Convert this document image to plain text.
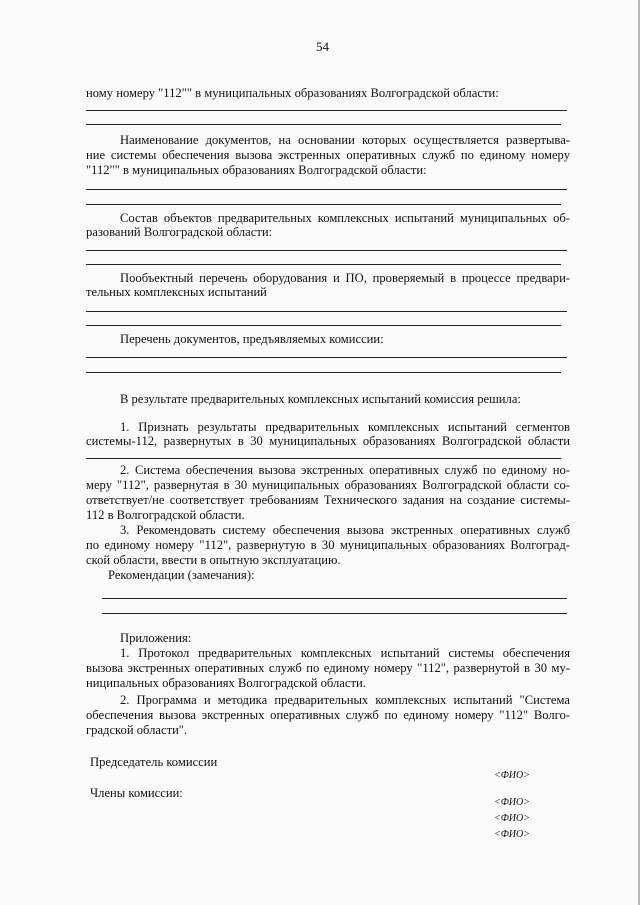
54
ному номеру "112"" в муниципальных образованиях Волгоградской области:
Наименование документов, на основании которых осуществляется развертыва-
ние системы обеспечения вызова экстренных оперативных служб по единому номеру
"112"" в муниципальных образованиях Волгоградской области:
Состав объектов предварительных комплексных испытаний муниципальных об-
разований Волгоградской области:
Пообъектный перечень оборудования и ПО, проверяемый в процессе предвари-
тельных комплексных испытаний
Перечень документов, предъявляемых комиссии:
В результате предварительных комплексных испытаний комиссия решила:
1. Признать результаты предварительных комплексных испытаний сегментов
системы-112, развернутых в 30 муниципальных образованиях Волгоградской области
2. Система обеспечения вызова экстренных оперативных служб по единому но-
меру "112", развернутая в 30 муниципальных образованиях Волгоградской области со-
ответствует/не соответствует требованиям Технического задания на создание системы-
112 в Волгоградской области.
3. Рекомендовать систему обеспечения вызова экстренных оперативных служб
по единому номеру "112", развернутую в 30 муниципальных образованиях Волгоград-
ской области, ввести в опытную эксплуатацию.
Рекомендации (замечания):
Приложения:
1. Протокол предварительных комплексных испытаний системы обеспечения
вызова экстренных оперативных служб по единому номеру "112", развернутой в 30 му-
ниципальных образованиях Волгоградской области.
2. Программа и методика предварительных комплексных испытаний "Система
обеспечения вызова экстренных оперативных служб по единому номеру "112" Волго-
градской области".
Председатель комиссии
<ФИО>
Члены комиссии:
<ФИО>
<ФИО>
<ФИО>
